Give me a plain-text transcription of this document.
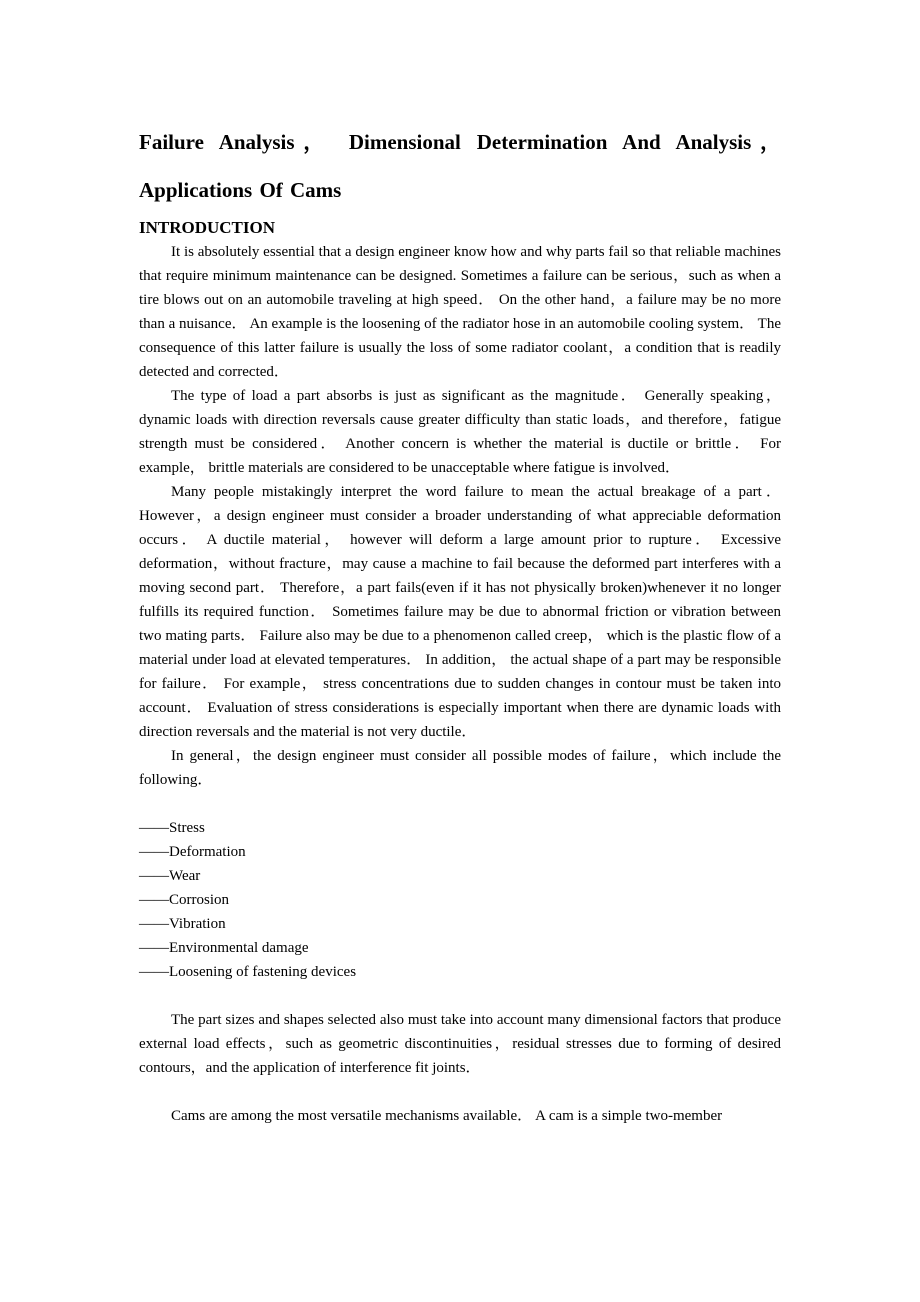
Failure Analysis， Dimensional Determination And Analysis，Applications Of Cams
INTRODUCTION

It is absolutely essential that a design engineer know how and why parts fail so that reliable machines that require minimum maintenance can be designed. Sometimes a failure can be serious，such as when a tire blows out on an automobile traveling at high speed． On the other hand，a failure may be no more than a nuisance． An example is the loosening of the radiator hose in an automobile cooling system． The consequence of this latter failure is usually the loss of some radiator coolant，a condition that is readily detected and corrected．

The type of load a part absorbs is just as significant as the magnitude． Generally speaking，dynamic loads with direction reversals cause greater difficulty than static loads，and therefore，fatigue strength must be considered． Another concern is whether the material is ductile or brittle． For example， brittle materials are considered to be unacceptable where fatigue is involved．

Many people mistakingly interpret the word failure to mean the actual breakage of a part． However，a design engineer must consider a broader understanding of what appreciable deformation occurs． A ductile material， however will deform a large amount prior to rupture． Excessive deformation，without fracture，may cause a machine to fail because the deformed part interferes with a moving second part． Therefore，a part fails(even if it has not physically broken)whenever it no longer fulfills its required function． Sometimes failure may be due to abnormal friction or vibration between two mating parts． Failure also may be due to a phenomenon called creep， which is the plastic flow of a material under load at elevated temperatures． In addition， the actual shape of a part may be responsible for failure． For example， stress concentrations due to sudden changes in contour must be taken into account． Evaluation of stress considerations is especially important when there are dynamic loads with direction reversals and the material is not very ductile．

In general，the design engineer must consider all possible modes of failure，which include the following．

——Stress
——Deformation
——Wear
——Corrosion
——Vibration
——Environmental damage
——Loosening of fastening devices

The part sizes and shapes selected also must take into account many dimensional factors that produce external load effects，such as geometric discontinuities，residual stresses due to forming of desired contours，and the application of interference fit joints．

Cams are among the most versatile mechanisms available． A cam is a simple two-member
